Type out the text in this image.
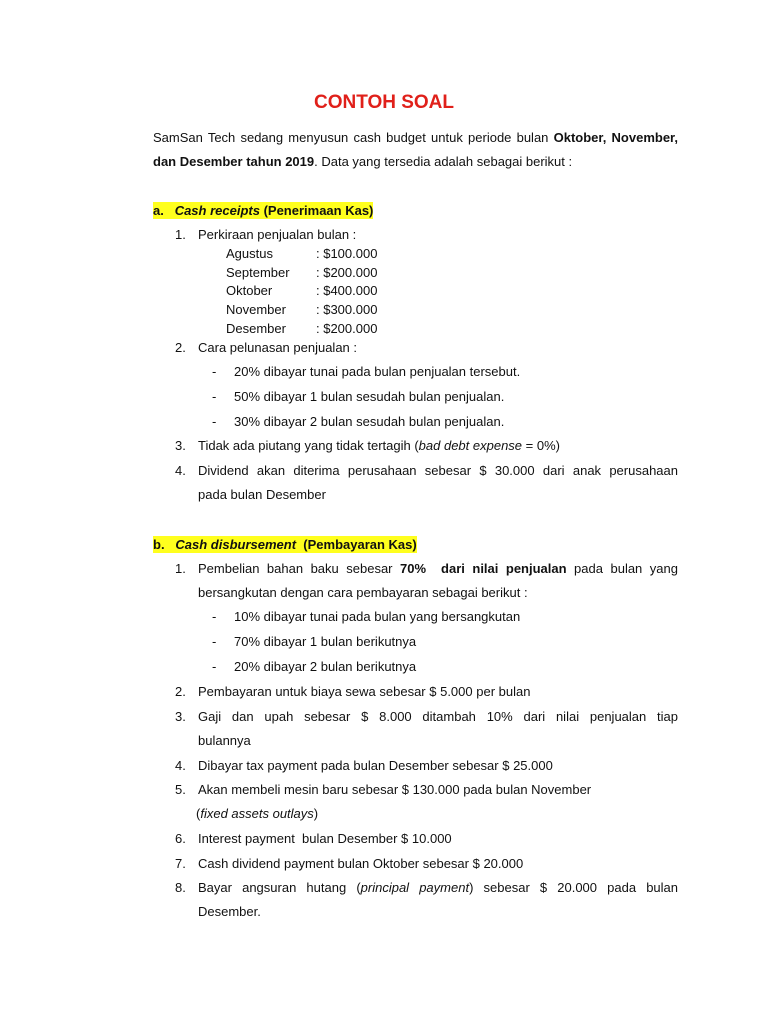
CONTOH SOAL
SamSan Tech sedang menyusun cash budget untuk periode bulan Oktober, November, dan Desember tahun 2019. Data yang tersedia adalah sebagai berikut :
a. Cash receipts (Penerimaan Kas)
1. Perkiraan penjualan bulan :
Agustus	: $100.000
September : $200.000
Oktober	: $400.000
November : $300.000
Desember : $200.000
2. Cara pelunasan penjualan :
- 20% dibayar tunai pada bulan penjualan tersebut.
- 50% dibayar 1 bulan sesudah bulan penjualan.
- 30% dibayar 2 bulan sesudah bulan penjualan.
3. Tidak ada piutang yang tidak tertagih (bad debt expense = 0%)
4. Dividend akan diterima perusahaan sebesar $ 30.000 dari anak perusahaan
pada bulan Desember
b. Cash disbursement  (Pembayaran Kas)
1. Pembelian bahan baku sebesar 70%  dari nilai penjualan pada bulan yang
bersangkutan dengan cara pembayaran sebagai berikut :
- 10% dibayar tunai pada bulan yang bersangkutan
- 70% dibayar 1 bulan berikutnya
- 20% dibayar 2 bulan berikutnya
2. Pembayaran untuk biaya sewa sebesar $ 5.000 per bulan
3. Gaji dan upah sebesar $ 8.000 ditambah 10% dari nilai penjualan tiap
bulannya
4. Dibayar tax payment pada bulan Desember sebesar $ 25.000
5. Akan membeli mesin baru sebesar $ 130.000 pada bulan November
(fixed assets outlays)
6. Interest payment  bulan Desember $ 10.000
7. Cash dividend payment bulan Oktober sebesar $ 20.000
8. Bayar angsuran hutang (principal payment) sebesar $ 20.000 pada bulan
Desember.
